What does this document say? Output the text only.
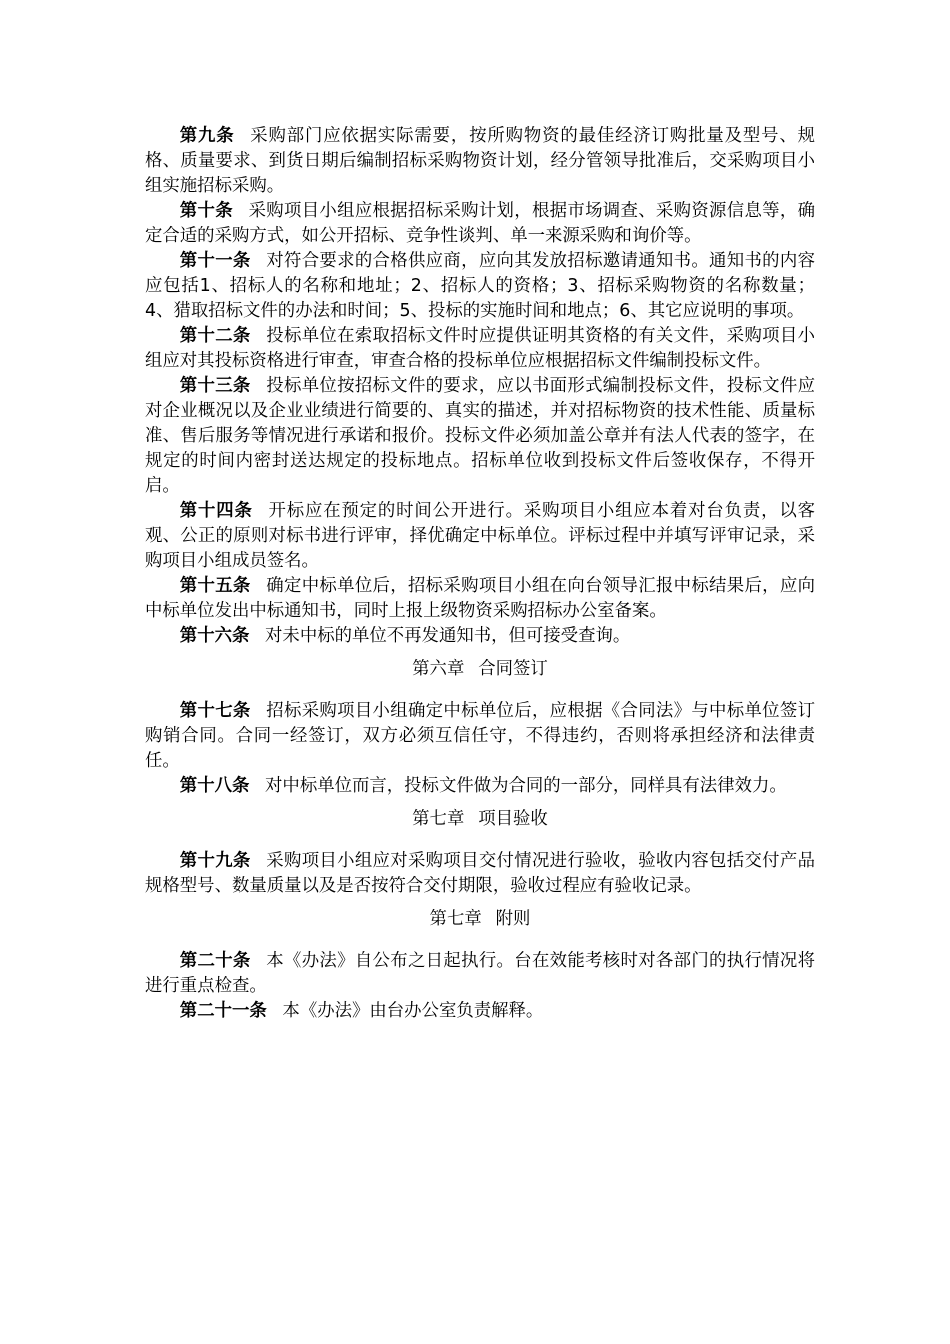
第九条 采购部门应依据实际需要，按所购物资的最佳经济订购批量及型号、规格、质量要求、到货日期后编制招标采购物资计划，经分管领导批准后，交采购项目小组实施招标采购。

第十条 采购项目小组应根据招标采购计划，根据市场调查、采购资源信息等，确定合适的采购方式，如公开招标、竞争性谈判、单一来源采购和询价等。

第十一条 对符合要求的合格供应商，应向其发放招标邀请通知书。通知书的内容应包括1、招标人的名称和地址；2、招标人的资格；3、招标采购物资的名称数量；4、猎取招标文件的办法和时间；5、投标的实施时间和地点；6、其它应说明的事项。

第十二条 投标单位在索取招标文件时应提供证明其资格的有关文件，采购项目小组应对其投标资格进行审查，审查合格的投标单位应根据招标文件编制投标文件。

第十三条 投标单位按招标文件的要求，应以书面形式编制投标文件，投标文件应对企业概况以及企业业绩进行简要的、真实的描述，并对招标物资的技术性能、质量标准、售后服务等情况进行承诺和报价。投标文件必须加盖公章并有法人代表的签字，在规定的时间内密封送达规定的投标地点。招标单位收到投标文件后签收保存，不得开启。

第十四条 开标应在预定的时间公开进行。采购项目小组应本着对台负责，以客观、公正的原则对标书进行评审，择优确定中标单位。评标过程中并填写评审记录，采购项目小组成员签名。

第十五条 确定中标单位后，招标采购项目小组在向台领导汇报中标结果后，应向中标单位发出中标通知书，同时上报上级物资采购招标办公室备案。

第十六条 对未中标的单位不再发通知书，但可接受查询。

第六章 合同签订

第十七条 招标采购项目小组确定中标单位后，应根据《合同法》与中标单位签订购销合同。合同一经签订，双方必须互信任守，不得违约，否则将承担经济和法律责任。

第十八条 对中标单位而言，投标文件做为合同的一部分，同样具有法律效力。

第七章 项目验收

第十九条 采购项目小组应对采购项目交付情况进行验收，验收内容包括交付产品规格型号、数量质量以及是否按符合交付期限，验收过程应有验收记录。

第七章 附则

第二十条 本《办法》自公布之日起执行。台在效能考核时对各部门的执行情况将进行重点检查。

第二十一条 本《办法》由台办公室负责解释。
